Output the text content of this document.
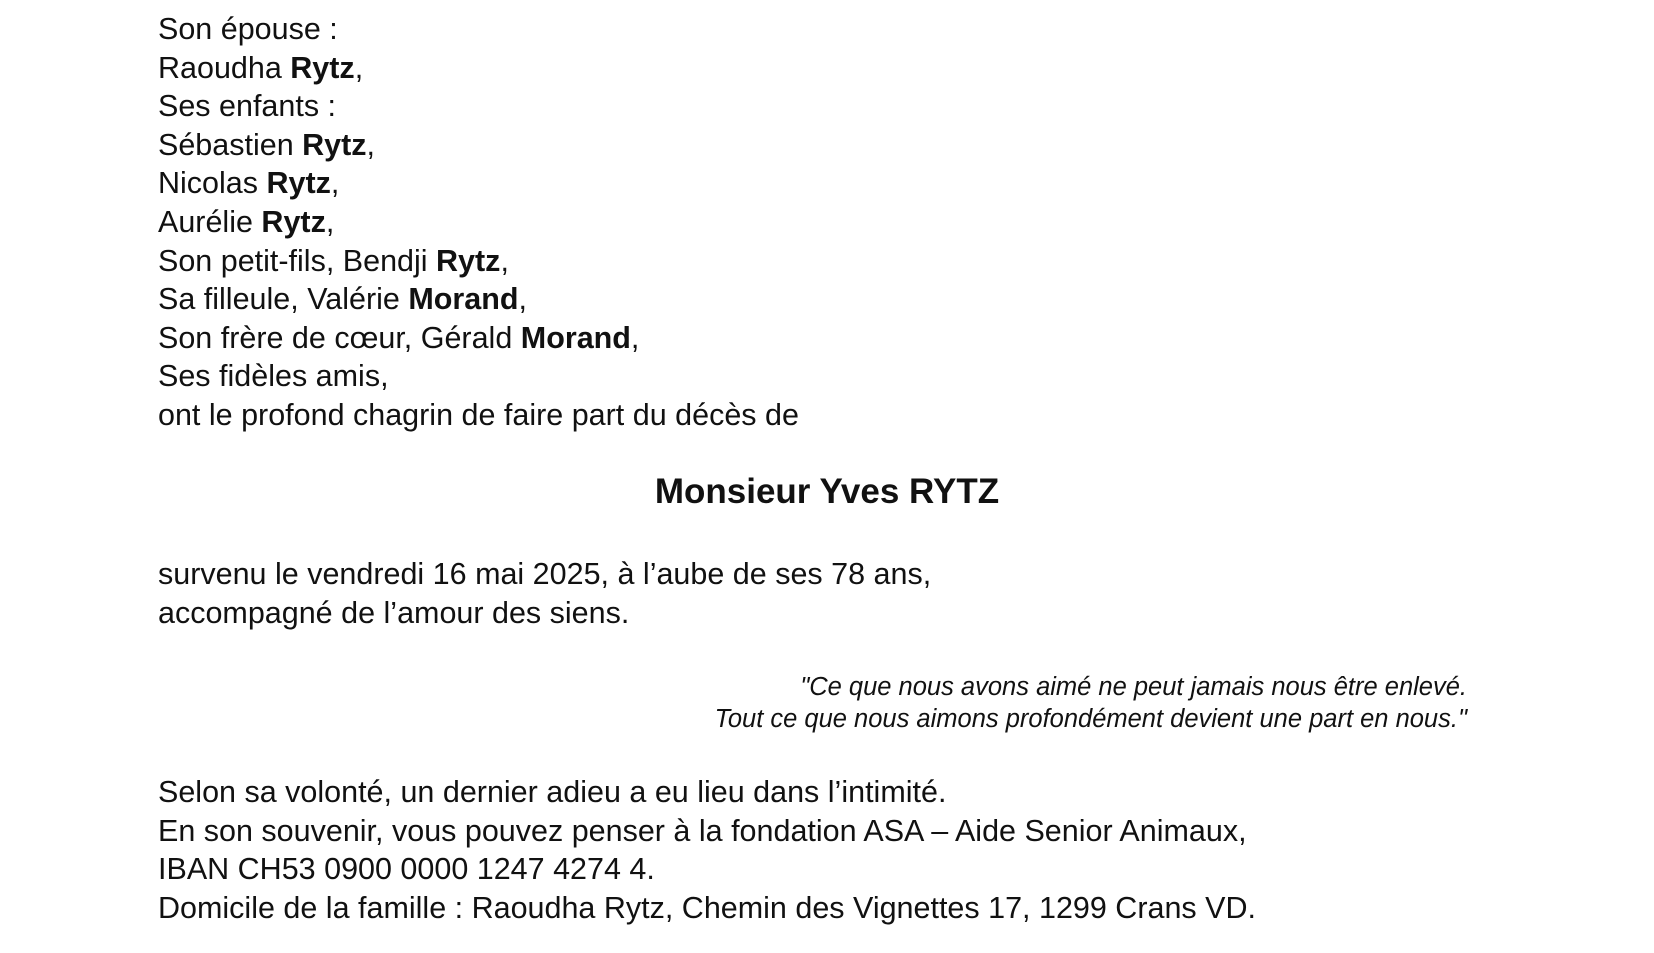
Son épouse :
Raoudha Rytz,
Ses enfants :
Sébastien Rytz,
Nicolas Rytz,
Aurélie Rytz,
Son petit-fils, Bendji Rytz,
Sa filleule, Valérie Morand,
Son frère de cœur, Gérald Morand,
Ses fidèles amis,
ont le profond chagrin de faire part du décès de
Monsieur Yves RYTZ
survenu le vendredi 16 mai 2025, à l’aube de ses 78 ans,
accompagné de l’amour des siens.
"Ce que nous avons aimé ne peut jamais nous être enlevé.
Tout ce que nous aimons profondément devient une part en nous."
Selon sa volonté, un dernier adieu a eu lieu dans l’intimité.
En son souvenir, vous pouvez penser à la fondation ASA – Aide Senior Animaux,
IBAN CH53 0900 0000 1247 4274 4.
Domicile de la famille : Raoudha Rytz, Chemin des Vignettes 17, 1299 Crans VD.
